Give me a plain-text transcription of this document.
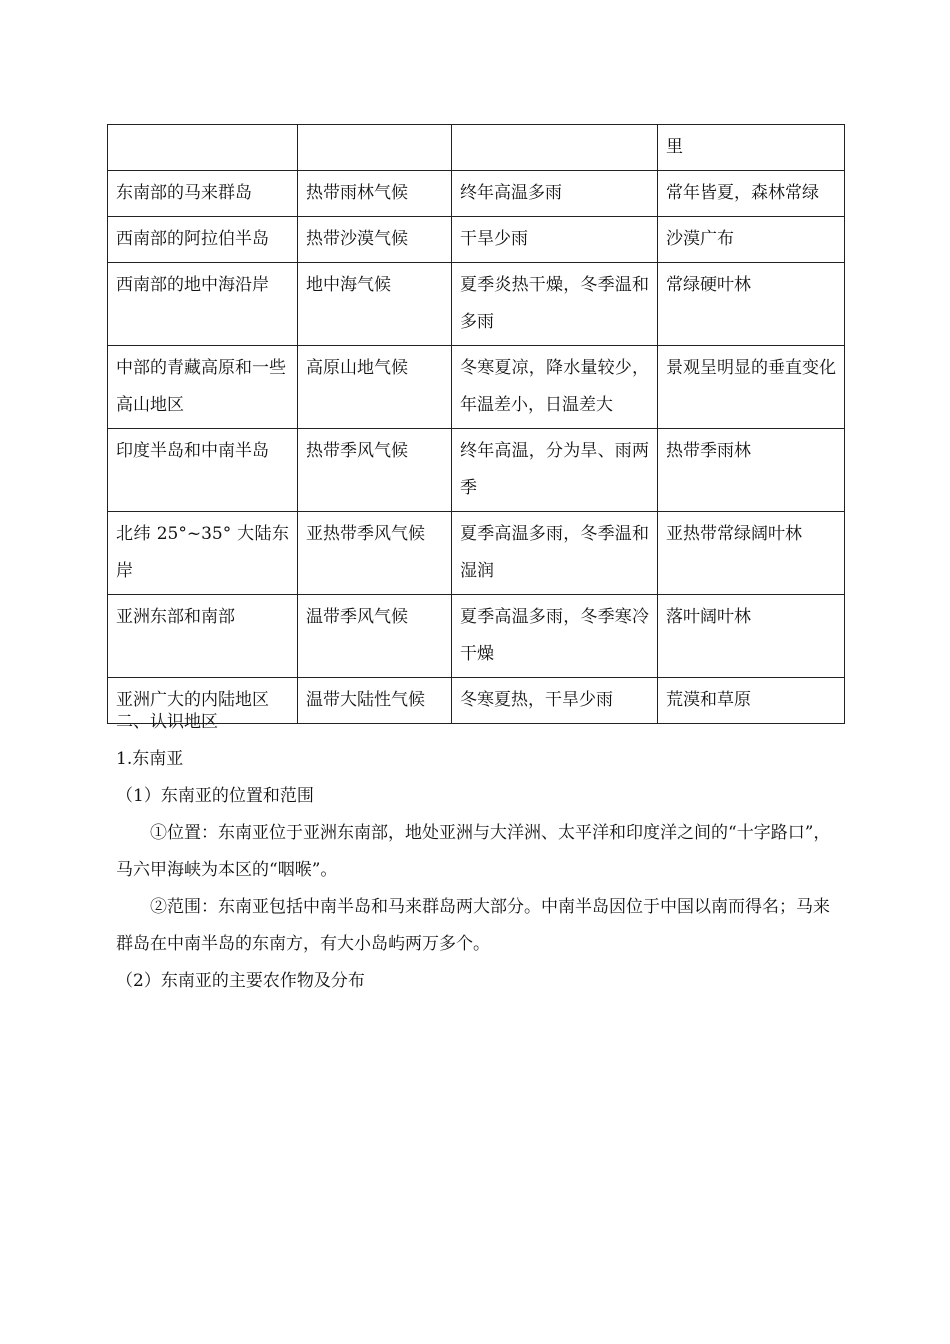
			里
东南部的马来群岛	热带雨林气候	终年高温多雨	常年皆夏，森林常绿
西南部的阿拉伯半岛	热带沙漠气候	干旱少雨	沙漠广布
西南部的地中海沿岸	地中海气候	夏季炎热干燥，冬季温和多雨	常绿硬叶林
中部的青藏高原和一些高山地区	高原山地气候	冬寒夏凉，降水量较少，年温差小，日温差大	景观呈明显的垂直变化
印度半岛和中南半岛	热带季风气候	终年高温，分为旱、雨两季	热带季雨林
北纬 25°~35° 大陆东岸	亚热带季风气候	夏季高温多雨，冬季温和湿润	亚热带常绿阔叶林
亚洲东部和南部	温带季风气候	夏季高温多雨，冬季寒冷干燥	落叶阔叶林
亚洲广大的内陆地区	温带大陆性气候	冬寒夏热，干旱少雨	荒漠和草原

二、认识地区

1.东南亚

（1）东南亚的位置和范围

①位置：东南亚位于亚洲东南部，地处亚洲与大洋洲、太平洋和印度洋之间的“十字路口”，马六甲海峡为本区的“咽喉”。

②范围：东南亚包括中南半岛和马来群岛两大部分。中南半岛因位于中国以南而得名；马来群岛在中南半岛的东南方，有大小岛屿两万多个。

（2）东南亚的主要农作物及分布
